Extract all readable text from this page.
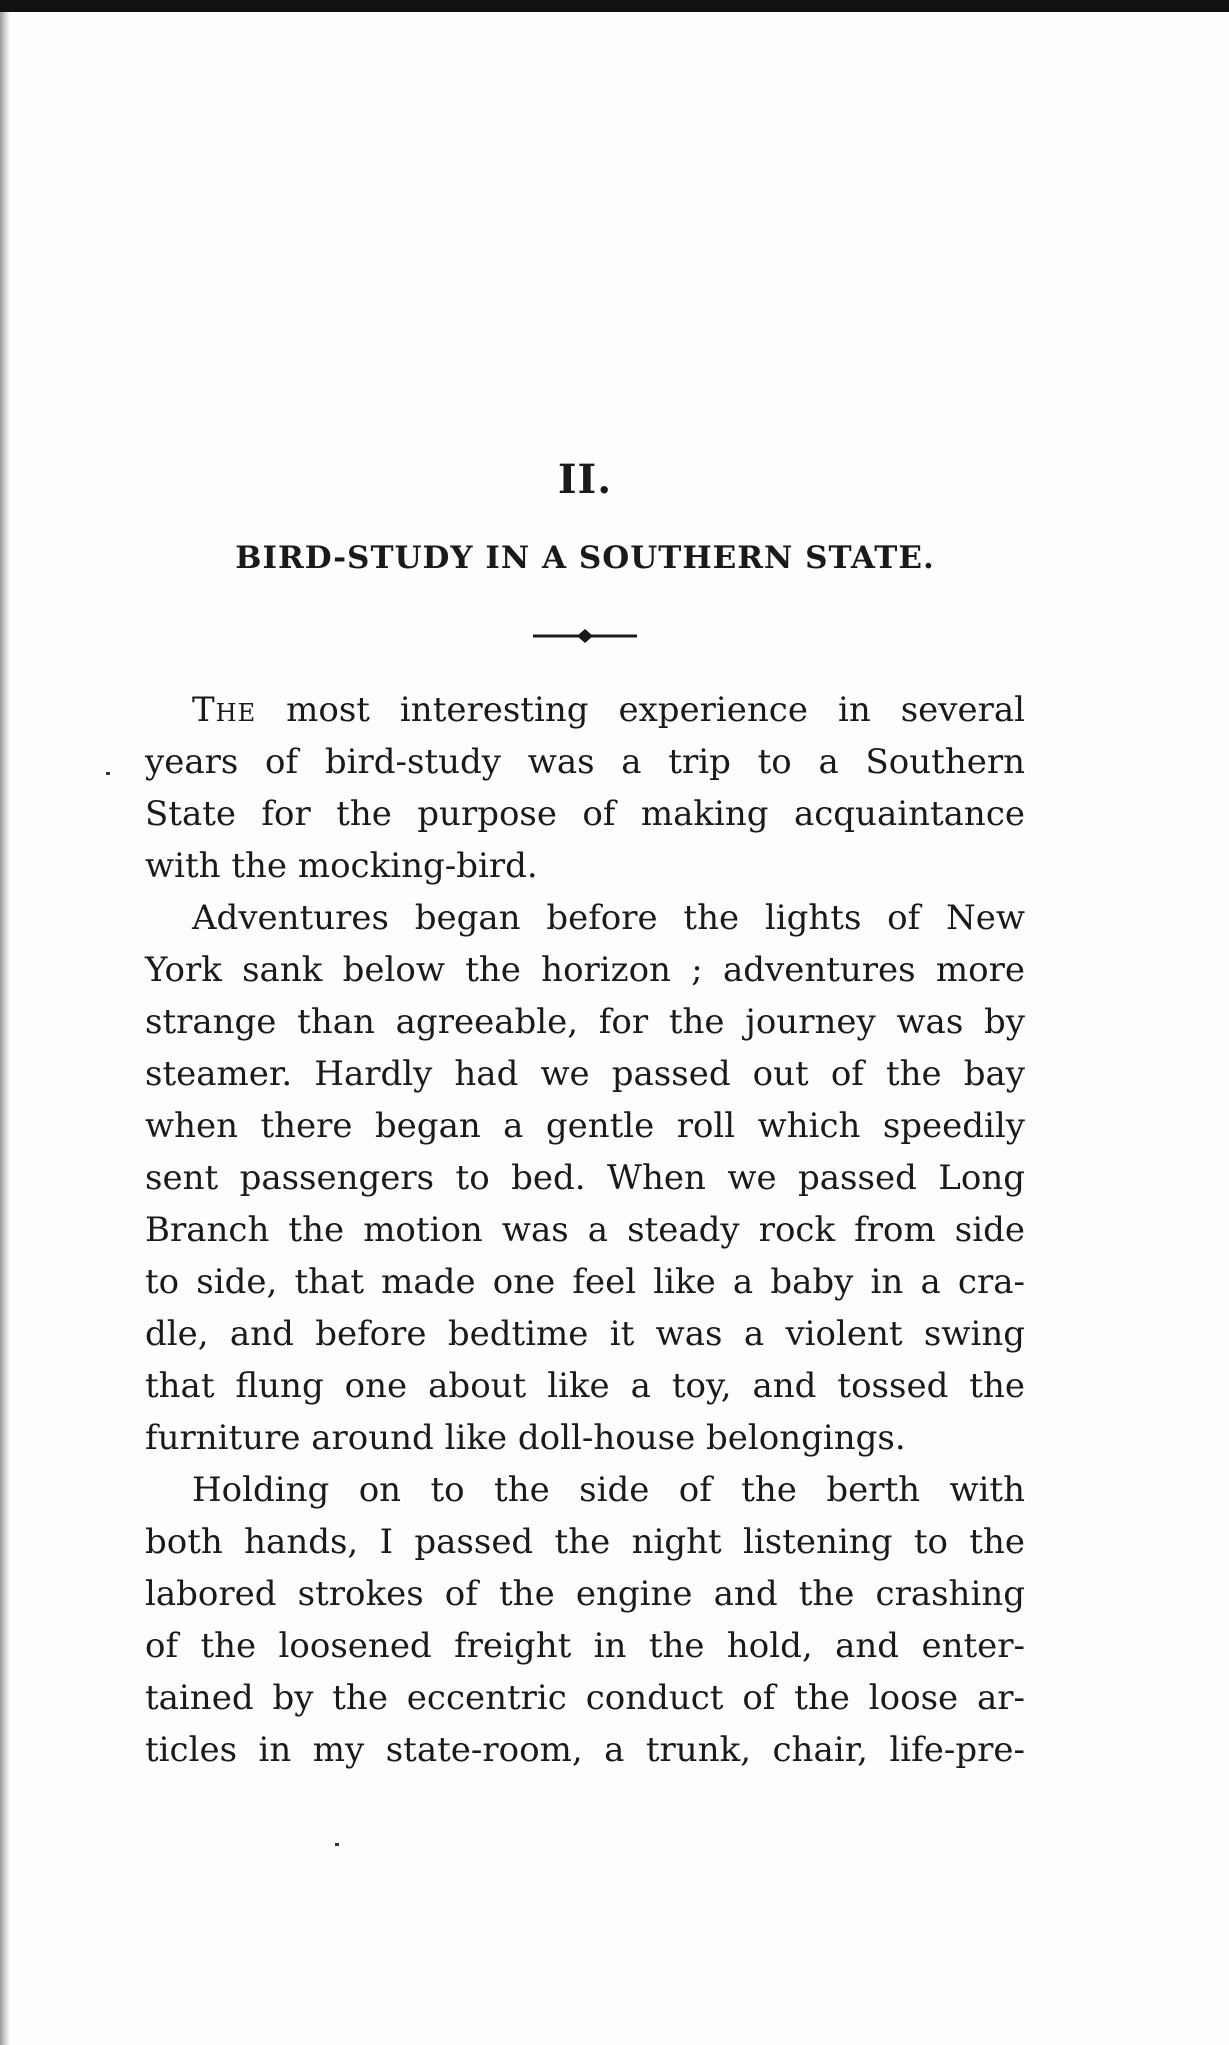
II.
BIRD-STUDY IN A SOUTHERN STATE.
The most interesting experience in several
years of bird-study was a trip to a Southern
State for the purpose of making acquaintance
with the mocking-bird.
Adventures began before the lights of New
York sank below the horizon ; adventures more
strange than agreeable, for the journey was by
steamer. Hardly had we passed out of the bay
when there began a gentle roll which speedily
sent passengers to bed. When we passed Long
Branch the motion was a steady rock from side
to side, that made one feel like a baby in a cra-
dle, and before bedtime it was a violent swing
that flung one about like a toy, and tossed the
furniture around like doll-house belongings.
Holding on to the side of the berth with
both hands, I passed the night listening to the
labored strokes of the engine and the crashing
of the loosened freight in the hold, and enter-
tained by the eccentric conduct of the loose ar-
ticles in my state-room, a trunk, chair, life-pre-
